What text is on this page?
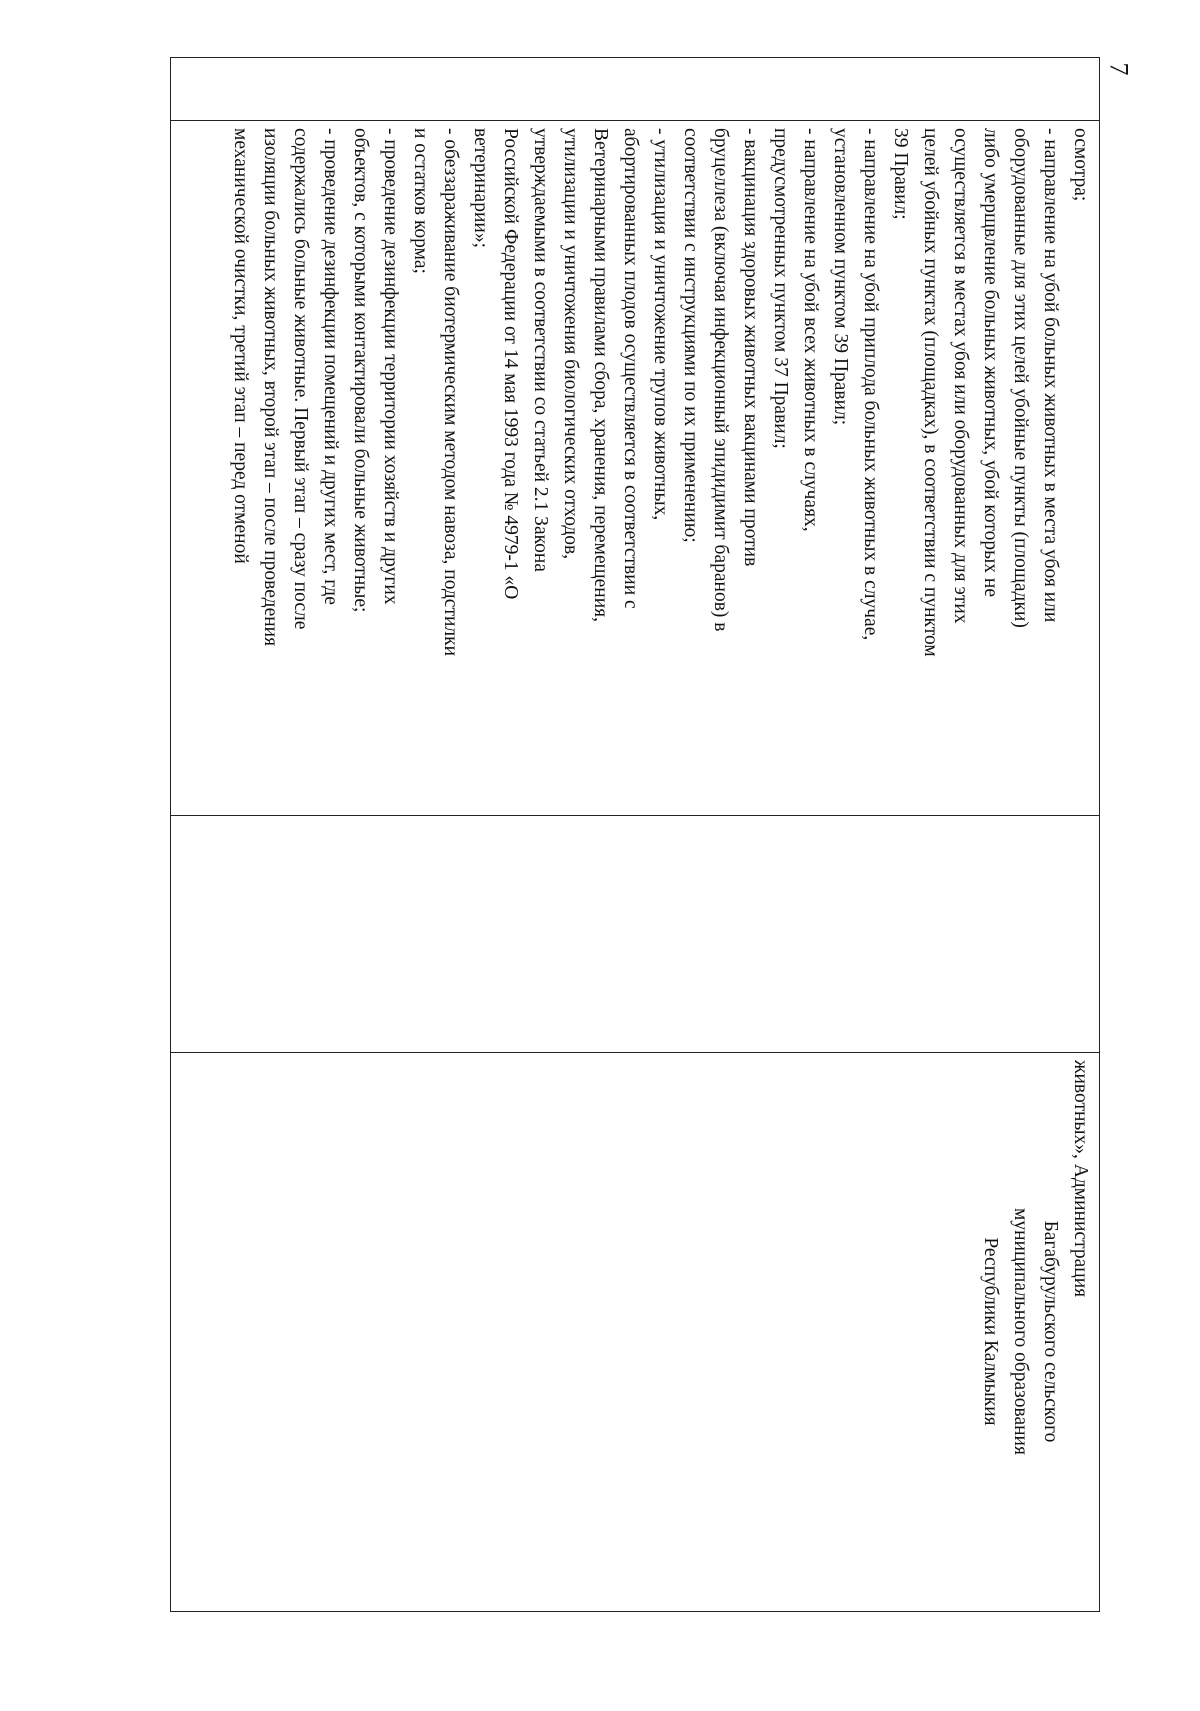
7
осмотра;
- направление на убой больных животных в места убоя или
оборудованные для этих целей убойные пункты (площадки)
либо умерщвление больных животных, убой которых не
осуществляется в местах убоя или оборудованных для этих
целей убойных пунктах (площадках), в соответствии с пунктом
39 Правил;
- направление на убой приплода больных животных в случае,
установленном пунктом 39 Правил;
- направление на убой всех животных в случаях,
предусмотренных пунктом 37 Правил;
- вакцинация здоровых животных вакцинами против
бруцеллеза (включая инфекционный эпидидимит баранов) в
соответствии с инструкциями по их применению;
- утилизация и уничтожение трупов животных,
абортированных плодов осуществляется в соответствии с
Ветеринарными правилами сбора, хранения, перемещения,
утилизации и уничтожения биологических отходов,
утверждаемыми в соответствии со статьей 2.1 Закона
Российской Федерации от 14 мая 1993 года № 4979-1 «О
ветеринарии»;
- обеззараживание биотермическим методом навоза, подстилки
и остатков корма;
- проведение дезинфекции территории хозяйств и других
объектов, с которыми контактировали больные животные;
- проведение дезинфекции помещений и других мест, где
содержались больные животные. Первый этап – сразу после
изоляции больных животных, второй этап – после проведения
механической очистки, третий этап – перед отменой
животных», Администрация
Багабурульского сельского
муниципального образования
Республики Калмыкия
